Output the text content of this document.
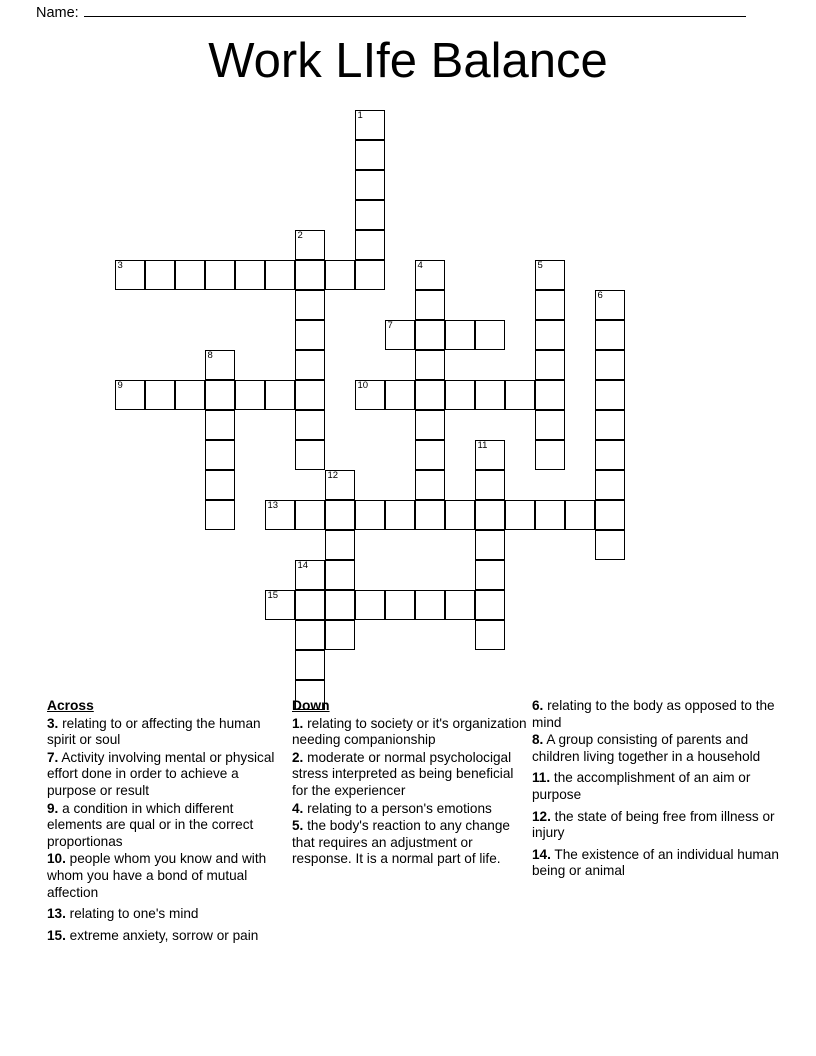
Name:
Work LIfe Balance
1
2
3	4	5
6
7
8
9	10
11
12
13
14
15
Across
3. relating to or affecting the human spirit or soul
7. Activity involving mental or physical effort done in order to achieve a purpose or result
9. a condition in which different elements are qual or in the correct proportionas
10. people whom you know and with whom you have a bond of mutual affection
13. relating to one's mind
15. extreme anxiety, sorrow or pain
Down
1. relating to society or it's organization needing companionship
2. moderate or normal psycholocigal stress interpreted as being beneficial for the experiencer
4. relating to a person's emotions
5. the body's reaction to any change that requires an adjustment or response. It is a normal part of life.
6. relating to the body as opposed to the mind
8. A group consisting of parents and children living together in a household
11. the accomplishment of an aim or purpose
12. the state of being free from illness or injury
14. The existence of an individual human being or animal
